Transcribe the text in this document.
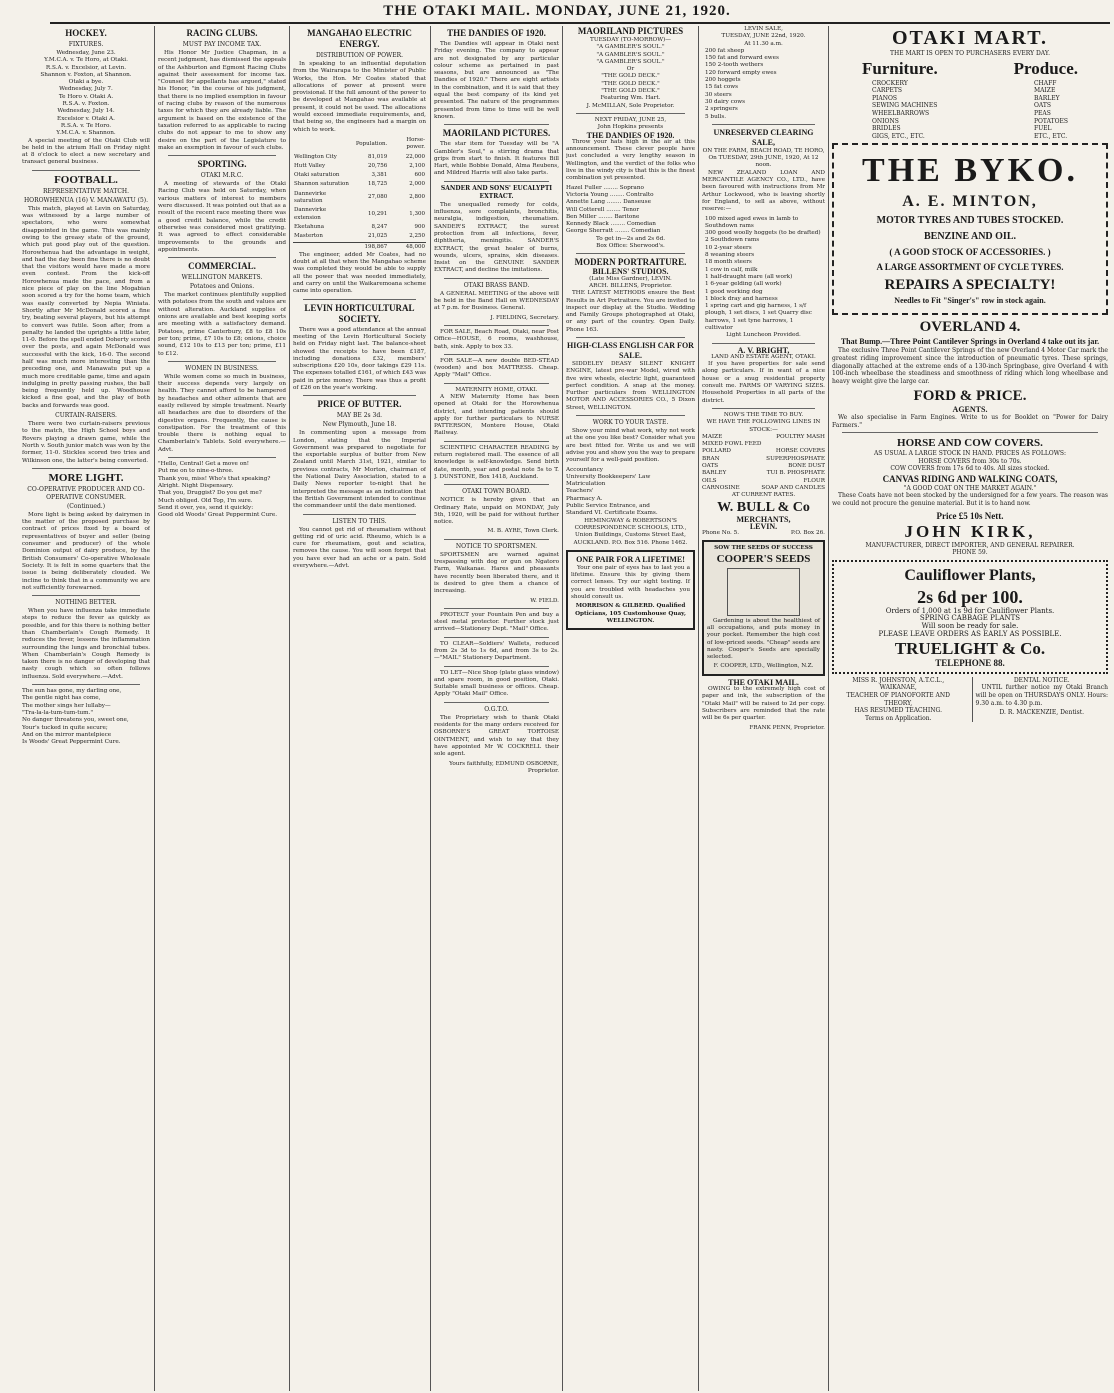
THE OTAKI MAIL. MONDAY, JUNE 21, 1920.
HOCKEY.
FIXTURES.
Wednesday, June 23.
Y.M.C.A. v. Te Horo, at Otaki.
R.S.A. v. Excelsior, at Levin.
Shannon v. Foxton, at Shannon.
Otaki a bye.
Wednesday, July 7.
Te Horo v. Otaki A.
R.S.A. v. Foxton.
Wednesday, July 14.
Excelsior v. Otaki A.
R.S.A. v. Te Horo.
Y.M.C.A. v. Shannon.
A special meeting of the Otaki Club will be held in the atrium Hall on Friday night at 8 o'clock to elect a new secretary and transact general business.
FOOTBALL.
REPRESENTATIVE MATCH.
HOROWHENUA (16) V. MANAWATU (5).
This match, played at Levin on Saturday, was witnessed by a large number of spectators, who were somewhat disappointed in the game. This was mainly owing to the greasy state of the ground, which put good play out of the question. Horowhenua had the advantage in weight, and had the day been fine there is no doubt that the visitors would have made a more even contest. From the kick-off Horowhenua made the pace, and from a nice piece of play on the line Mogabian soon scored a try for the home team, which was easily converted by Nepia Winiata. Shortly after Mr McDonald scored a fine try, beating several players, but his attempt to convert was futile. Soon after, from a penalty he landed the uprights a little later, 11-0. Before the spell ended Doherty scored over the posts, and again McDonald was successful with the kick, 16-0. The second half was much more interesting than the preceding one, and Manawatu put up a much more creditable game, time and again indulging in pretty passing rushes, the ball being frequently held up. Woodhouse kicked a fine goal, and the play of both backs and forwards was good.
CURTAIN-RAISERS.
There were two curtain-raisers previous to the match, the High School boys and Rovers playing a drawn game, while the North v. South junior match was won by the former, 11-0. Stickles scored two tries and Wilkinson one, the latter's being converted.
MORE LIGHT.
CO-OPERATIVE PRODUCER AND CO-OPERATIVE CONSUMER.
(Continued.)
More light is being asked by dairymen in the matter of the proposed purchase by contract of prices fixed by a board of representatives of buyer and seller (being consumer and producer) of the whole Dominion output of dairy produce, by the British Consumers' Co-operative Wholesale Society. It is felt in some quarters that the issue is being deliberately clouded. We incline to think that in a community we are not sufficiently forewarned.
NOTHING BETTER.
When you have influenza take immediate steps to reduce the fever as quickly as possible, and for this there is nothing better than Chamberlain's Cough Remedy. It reduces the fever, lessens the inflammation surrounding the lungs and bronchial tubes. When Chamberlain's Cough Remedy is taken there is no danger of developing that nasty cough which so often follows influenza. Sold everywhere.—Advt.
The sun has gone, my darling one,
The gentle night has come,
The mother sings her lullaby—
"Tra-la-la-tum-tum-tum."
No danger threatens you, sweet one,
Your's tucked in quite secure;
And on the mirror mantelpiece
Is Woods' Great Peppermint Cure.
RACING CLUBS.
MUST PAY INCOME TAX.
His Honor Mr Justice Chapman, in a recent judgment, has dismissed the appeals of the Ashburton and Egmont Racing Clubs against their assessment for income tax. "Counsel for appellants has argued," stated his Honor, "in the course of his judgment, that there is no implied exemption in favour of racing clubs by reason of the numerous taxes for which they are already liable. The argument is based on the existence of the taxation referred to as applicable to racing clubs do not appear to me to show any desire on the part of the Legislature to make an exemption in favour of such clubs.
SPORTING.
OTAKI M.R.C.
A meeting of stewards of the Otaki Racing Club was held on Saturday, when various matters of interest to members were discussed. It was pointed out that as a result of the recent race meeting there was a good credit balance, while the credit otherwise was considered most gratifying. It was agreed to effect considerable improvements to the grounds and appointments.
COMMERCIAL.
WELLINGTON MARKETS.
Potatoes and Onions.
The market continues plentifully supplied with potatoes from the south and values are without alteration. Auckland supplies of onions are available and best keeping sorts are meeting with a satisfactory demand. Potatoes, prime Canterbury, £8 to £8 10s per ton; prime, £7 10s to £8; onions, choice sound, £12 10s to £13 per ton; prime, £11 to £12.
WOMEN IN BUSINESS.
While women come so much in business, their success depends very largely on health. They cannot afford to be hampered by headaches and other ailments that are easily relieved by simple treatment. Nearly all headaches are due to disorders of the digestive organs. Frequently, the cause is constipation. For the treatment of this trouble there is nothing equal to Chamberlain's Tablets. Sold everywhere.—Advt.
"Hello, Central! Get a move on!
Put me on to nine-o-three.
Thank you, miss! Who's that speaking?
Alright. Night Dispensary.
That you, Druggist? Do you get me?
Much obliged. Old Top, I'm sure.
Send it over, yes, send it quickly:
Good old Woods' Great Peppermint Cure.
MANGAHAO ELECTRIC ENERGY.
DISTRIBUTION OF POWER.
In speaking to an influential deputation from the Wairarapa to the Minister of Public Works, the Hon. Mr Coates stated that allocations of power at present were provisional. If the full amount of the power to be developed at Mangahao was available at present, it could not be used. The allocations would exceed immediate requirements, and, that being so, the engineers had a margin on which to work.
	Population.	Horse-power.
Wellington City	81,019	22,000
Hutt Valley	20,756	2,100
Otaki saturation	3,381	600
Shannon saturation	18,725	2,000
Dannevirke saturation	27,080	2,800
Dannevirke extension	10,291	1,300
Eketahuna	8,247	900
Masterton	21,025	2,250
	198,867	48,000
The engineer, added Mr Coates, had no doubt at all that when the Mangahao scheme was completed they would be able to supply all the power that was needed immediately, and carry on until the Waikaremoana scheme came into operation.
LEVIN HORTICULTURAL SOCIETY.
There was a good attendance at the annual meeting of the Levin Horticultural Society held on Friday night last. The balance-sheet showed the receipts to have been £187, including donations £32, members' subscriptions £20 10s, door takings £29 11s. The expenses totalled £161, of which £43 was paid in prize money. There was thus a profit of £26 on the year's working.
PRICE OF BUTTER.
MAY BE 2s 3d.
New Plymouth, June 18.
In commenting upon a message from London, stating that the Imperial Government was prepared to negotiate for the exportable surplus of butter from New Zealand until March 31st, 1921, similar to previous contracts, Mr Morton, chairman of the National Dairy Association, stated to a Daily News reporter to-night that he interpreted the message as an indication that the British Government intended to continue the commandeer until the date mentioned.
LISTEN TO THIS.
You cannot get rid of rheumatism without getting rid of uric acid. Rheumo, which is a cure for rheumatism, gout and sciatica, removes the cause. You will soon forget that you have ever had an ache or a pain. Sold everywhere.—Advt.
THE DANDIES OF 1920.
The Dandies will appear in Otaki next Friday evening. The company to appear are not designated by any particular colour scheme as pertained in past seasons, but are announced as "The Dandies of 1920." There are eight artists in the combination, and it is said that they equal the best company of its kind yet presented. The nature of the programmes presented from time to time will be well known.
MAORILAND PICTURES.
The star item for Tuesday will be "A Gambler's Soul," a stirring drama that grips from start to finish. It features Bill Hart, while Bobbie Donald, Alma Reubens, and Mildred Harris will also take parts.
SANDER AND SONS' EUCALYPTI EXTRACT.
The unequalled remedy for colds, influenza, sore complaints, bronchitis, neuralgia, indigestion, rheumatism. SANDER'S EXTRACT, the surest protection from all infections, fever, diphtheria, meningitis. SANDER'S EXTRACT, the great healer of burns, wounds, ulcers, sprains, skin diseases. Insist on the GENUINE SANDER EXTRACT, and decline the imitations.
OTAKI BRASS BAND.
A GENERAL MEETING of the above will be held in the Band Hall on WEDNESDAY at 7 p.m. for Business. General.
J. FIELDING, Secretary.
FOR SALE, Beach Road, Otaki, near Post Office—HOUSE, 6 rooms, washhouse, bath, sink. Apply to box 33.
FOR SALE—A new double BED-STEAD (wooden) and box MATTRESS. Cheap. Apply "Mail" Office.
MATERNITY HOME, OTAKI.
A NEW Maternity Home has been opened at Otaki for the Horowhenua district, and intending patients should apply for further particulars to NURSE PATTERSON, Montere House, Otaki Railway.
SCIENTIFIC CHARACTER READING by return registered mail. The essence of all knowledge is self-knowledge. Send birth date, month, year and postal note 5s to T. J. DUNSTONE, Box 1418, Auckland.
OTAKI TOWN BOARD.
NOTICE is hereby given that an Ordinary Rate, unpaid on MONDAY, July 5th, 1920, will be paid for without further notice.
M. B. AYRE, Town Clerk.
NOTICE TO SPORTSMEN.
SPORTSMEN are warned against trespassing with dog or gun on Ngatoro Farm, Waikanae. Hares and pheasants have recently been liberated there, and it is desired to give them a chance of increasing.
W. FIELD.
PROTECT your Fountain Pen and buy a steel metal protector. Further stock just arrived—Stationery Dept. "Mail" Office.
TO CLEAR—Soldiers' Wallets, reduced from 2s 3d to 1s 6d, and from 3s to 2s.—"MAIL" Stationery Department.
TO LET—Nice Shop (plate glass window) and spare room, in good position, Otaki. Suitable small business or offices. Cheap. Apply "Otaki Mail" Office.
O.G.T.O.
The Proprietary wish to thank Otaki residents for the many orders received for OSBORNE'S GREAT TORTOISE OINTMENT, and wish to say that they have appointed Mr W. COCKRELL their sole agent.
Yours faithfully, EDMUND OSBORNE, Proprietor.
MAORILAND PICTURES
TUESDAY (TO-MORROW)—
"A GAMBLER'S SOUL."
"A GAMBLER'S SOUL."
"A GAMBLER'S SOUL."
Or
"THE GOLD DECK."
"THE GOLD DECK."
"THE GOLD DECK."
Featuring Wm. Hart.
J. McMILLAN, Sole Proprietor.
NEXT FRIDAY, JUNE 25,
John Hopkins presents
THE DANDIES OF 1920.
Throw your hats high in the air at this announcement. These clever people have just concluded a very lengthy season in Wellington, and the verdict of the folks who live in the windy city is that this is the finest combination yet presented.
Hazel Fuller ........ Soprano
Victoria Young ........ Contralto
Annette Lang ........ Danseuse
Will Cotterell ........ Tenor
Ben Miller ........ Baritone
Kennedy Black ........ Comedian
George Sherratt ........ Comedian
To get in—2s and 2s 6d.
Box Office: Sherwood's.
MODERN PORTRAITURE.
BILLENS' STUDIOS.
(Late Miss Gardner), LEVIN.
ARCH. BILLENS, Proprietor.
THE LATEST METHODS ensure the Best Results in Art Portraiture. You are invited to inspect our display at the Studio. Wedding and Family Groups photographed at Otaki, or any part of the country. Open Daily. Phone 163.
HIGH-CLASS ENGLISH CAR FOR SALE.
SIDDELEY DEASY SILENT KNIGHT ENGINE, latest pre-war Model, wired with five wire wheels, electric light, guaranteed perfect condition. A snap at the money. Further particulars from WELLINGTON MOTOR AND ACCESSORIES CO., 5 Dixon Street, WELLINGTON.
WORK TO YOUR TASTE.
Show your mind what work, why not work at the one you like best? Consider what you are best fitted for. Write us and we will advise you and show you the way to prepare yourself for a well-paid position.
Accountancy
University Bookkeepers' Law
Matriculation
Teachers'
Pharmacy A.
Public Service Entrance, and
Standard VI. Certificate Exams.
HEMINGWAY & ROBERTSON'S CORRESPONDENCE SCHOOLS, LTD., Union Buildings, Customs Street East, AUCKLAND. P.O. Box 516. Phone 1462.
ONE PAIR FOR A LIFETIME!
Your one pair of eyes has to last you a lifetime. Ensure this by giving them correct lenses. Try our sight testing. If you are troubled with headaches you should consult us.
MORRISON & GILBERD. Qualified Opticians, 105 Customhouse Quay, WELLINGTON.
LEVIN SALE,
TUESDAY, JUNE 22nd, 1920.
At 11.30 a.m.
200 fat sheep
150 fat and forward ewes
150 2-tooth wethers
120 forward empty ewes
200 hoggets
15 fat cows
30 steers
30 dairy cows
2 springers
5 bulls.
UNRESERVED CLEARING SALE,
ON THE FARM, BEACH ROAD, TE HORO,
On TUESDAY, 29th JUNE, 1920, At 12 noon.
NEW ZEALAND LOAN AND MERCANTILE AGENCY CO., LTD., have been favoured with instructions from Mr Arthur Lockwood, who is leaving shortly for England, to sell as above, without reserve:—
100 mixed aged ewes in lamb to Southdown rams
300 good woolly hoggets (to be drafted)
2 Southdown rams
10 2-year steers
8 weaning steers
18 month steers
1 cow in calf, milk
1 half-draught mare (all work)
1 6-year gelding (all work)
1 good working dog
1 block dray and harness
1 spring cart and gig harness, 1 s/f plough, 1 set discs, 1 set Quarry disc harrows, 1 set tyne harrows, 1 cultivator
Light Luncheon Provided.
A. V. BRIGHT,
LAND AND ESTATE AGENT, OTAKI.
If you have properties for sale send along particulars. If in want of a nice house or a snug residential property consult me. FARMS OF VARYING SIZES. Household Properties in all parts of the district.
NOW'S THE TIME TO BUY.
WE HAVE THE FOLLOWING LINES IN STOCK:—
MAIZE	POULTRY MASH
MIXED FOWL FEED
POLLARD	HORSE COVERS
BRAN	SUPERPHOSPHATE
OATS	BONE DUST
BARLEY	TUI B. PHOSPHATE
OILS	FLOUR
CARNOSINE	SOAP AND CANDLES
AT CURRENT RATES.
W. BULL & Co
MERCHANTS,
LEVIN.
Phone No. 5.	P.O. Box 26.
SOW THE SEEDS OF SUCCESS
COOPER'S SEEDS
Gardening is about the healthiest of all occupations, and puts money in your pocket. Remember the high cost of low-priced seeds. "Cheap" seeds are nasty. Cooper's Seeds are specially selected.
F. COOPER, LTD., Wellington, N.Z.
THE OTAKI MAIL.
OWING to the extremely high cost of paper and ink, the subscription of the "Otaki Mail" will be raised to 2d per copy. Subscribers are reminded that the rate will be 6s per quarter.
FRANK PENN, Proprietor.
OTAKI MART.
THE MART IS OPEN TO PURCHASERS EVERY DAY.
Furniture.	Produce.
CROCKERY
CARPETS
PIANOS
SEWING MACHINES
WHEELBARROWS
ONIONS
BRIDLES
GIGS, ETC., ETC.
CHAFF
MAIZE
BARLEY
OATS
PEAS
POTATOES
FUEL
ETC., ETC.
THE BYKO.
A. E. MINTON,
MOTOR TYRES AND TUBES STOCKED.
BENZINE AND OIL.
( A GOOD STOCK OF ACCESSORIES. )
A LARGE ASSORTMENT OF CYCLE TYRES.
REPAIRS A SPECIALTY!
Needles to Fit "Singer's" row in stock again.
OVERLAND 4.
That Bump.—Three Point Cantilever Springs in Overland 4 take out its jar.
The exclusive Three Point Cantilever Springs of the new Overland 4 Motor Car mark the greatest riding improvement since the introduction of pneumatic tyres. These springs, diagonally attached at the extreme ends of a 130-inch Springbase, give Overland 4 with 100-inch wheelbase the steadiness and smoothness of riding which long wheelbase and heavy weight give the large car.
FORD & PRICE.
AGENTS.
We also specialise in Farm Engines. Write to us for Booklet on "Power for Dairy Farmers."
HORSE AND COW COVERS.
AS USUAL A LARGE STOCK IN HAND. PRICES AS FOLLOWS:
HORSE COVERS from 30s to 70s.
COW COVERS from 17s 6d to 40s. All sizes stocked.
CANVAS RIDING AND WALKING COATS,
"A GOOD COAT ON THE MARKET AGAIN."
These Coats have not been stocked by the undersigned for a few years. The reason was we could not procure the genuine material. But it is to hand now.
Price £5 10s Nett.
JOHN KIRK,
MANUFACTURER, DIRECT IMPORTER, AND GENERAL REPAIRER.
PHONE 59.
Cauliflower Plants,
2s 6d per 100.
Orders of 1,000 at 1s 9d for Cauliflower Plants.
SPRING CABBAGE PLANTS
Will soon be ready for sale.
PLEASE LEAVE ORDERS AS EARLY AS POSSIBLE.
TRUELIGHT & Co.
TELEPHONE 88.
MISS R. JOHNSTON, A.T.C.L.,
WAIKANAE,
TEACHER OF PIANOFORTE AND THEORY,
HAS RESUMED TEACHING.
Terms on Application.
DENTAL NOTICE.
UNTIL further notice my Otaki Branch will be open on THURSDAYS ONLY. Hours: 9.30 a.m. to 4.30 p.m.
D. R. MACKENZIE, Dentist.
